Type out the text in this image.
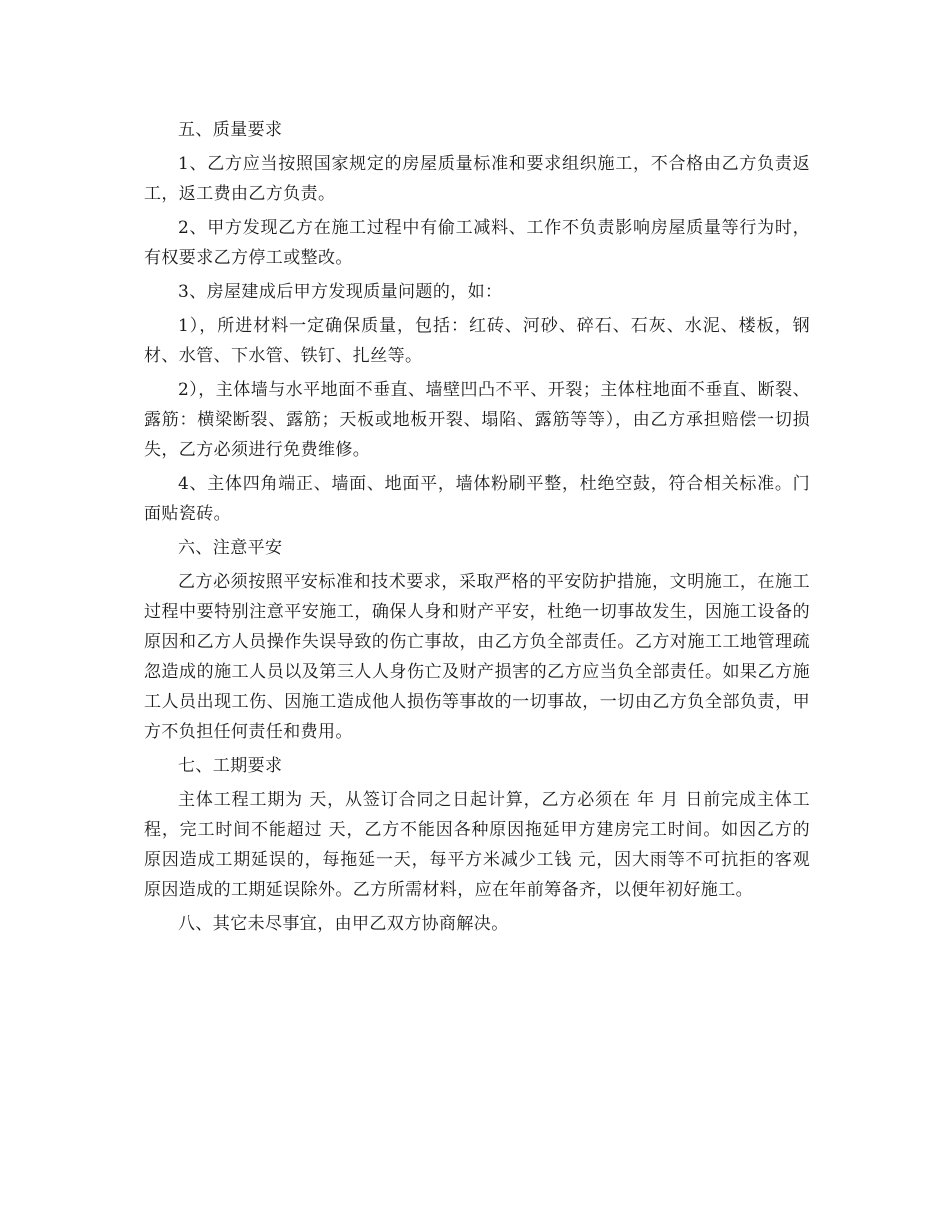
五、质量要求

1、乙方应当按照国家规定的房屋质量标准和要求组织施工，不合格由乙方负责返工，返工费由乙方负责。

2、甲方发现乙方在施工过程中有偷工减料、工作不负责影响房屋质量等行为时，有权要求乙方停工或整改。

3、房屋建成后甲方发现质量问题的，如：

1），所进材料一定确保质量，包括：红砖、河砂、碎石、石灰、水泥、楼板，钢材、水管、下水管、铁钉、扎丝等。

2），主体墙与水平地面不垂直、墙壁凹凸不平、开裂；主体柱地面不垂直、断裂、露筋：横梁断裂、露筋；天板或地板开裂、塌陷、露筋等等），由乙方承担赔偿一切损失，乙方必须进行免费维修。

4、主体四角端正、墙面、地面平，墙体粉刷平整，杜绝空鼓，符合相关标准。门面贴瓷砖。

六、注意平安

乙方必须按照平安标准和技术要求，采取严格的平安防护措施，文明施工，在施工过程中要特别注意平安施工，确保人身和财产平安，杜绝一切事故发生，因施工设备的原因和乙方人员操作失误导致的伤亡事故，由乙方负全部责任。乙方对施工工地管理疏忽造成的施工人员以及第三人人身伤亡及财产损害的乙方应当负全部责任。如果乙方施工人员出现工伤、因施工造成他人损伤等事故的一切事故，一切由乙方负全部负责，甲方不负担任何责任和费用。

七、工期要求

主体工程工期为 天，从签订合同之日起计算，乙方必须在 年 月 日前完成主体工程，完工时间不能超过 天，乙方不能因各种原因拖延甲方建房完工时间。如因乙方的原因造成工期延误的，每拖延一天，每平方米减少工钱 元，因大雨等不可抗拒的客观原因造成的工期延误除外。乙方所需材料，应在年前筹备齐，以便年初好施工。

八、其它未尽事宜，由甲乙双方协商解决。
